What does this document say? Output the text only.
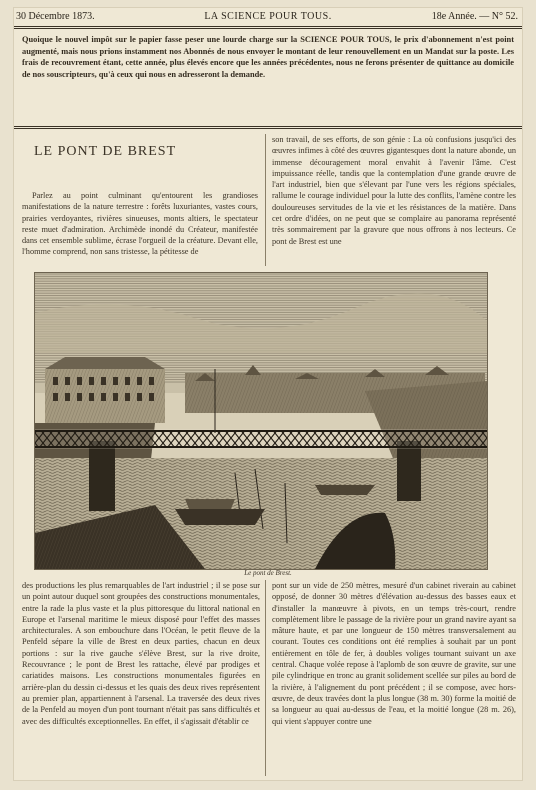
30 Décembre 1873.	LA SCIENCE POUR TOUS.	18e Année. — N° 52.
Quoique le nouvel impôt sur le papier fasse peser une lourde charge sur la SCIENCE POUR TOUS, le prix d'abonnement n'est point augmenté, mais nous prions instamment nos Abonnés de nous envoyer le montant de leur renouvellement en un Mandat sur la poste. Les frais de recouvrement étant, cette année, plus élevés encore que les années précédentes, nous ne ferons présenter de quittance au domicile de nos souscripteurs, qu'à ceux qui nous en adresseront la demande.
LE PONT DE BREST

Parlez au point culminant qu'entourent les grandioses manifestations de la nature terrestre : forêts luxuriantes, vastes cours, prairies verdoyantes, rivières sinueuses, monts altiers, le spectateur reste muet d'admiration. Archimède inondé du Créateur, manifestée dans cet ensemble sublime, écrase l'orgueil de la créature. Devant elle, l'homme comprend, non sans tristesse, la pétitesse de

son travail, de ses efforts, de son génie : La où confusions jusqu'ici des œuvres infimes à côté des œuvres gigantesques dont la nature abonde, un immense découragement moral envahit à l'avenir l'âme. C'est impuissance réelle, tandis que la contemplation d'une grande œuvre de l'art industriel, bien que s'élevant par l'une vers les régions spéciales, rallume le courage individuel pour la lutte des conflits, l'amène contre les douloureuses servitudes de la vie et les résistances de la matière. Dans cet ordre d'idées, on ne peut que se complaire au panorama représenté très sommairement par la gravure que nous offrons à nos lecteurs. Ce pont de Brest est une

Le pont de Brest.

des productions les plus remarquables de l'art industriel ; il se pose sur un point autour duquel sont groupées des constructions monumentales, entre la rade la plus vaste et la plus pittoresque du littoral national en Europe et l'arsenal maritime le mieux disposé pour l'effet des masses architecturales. A son embouchure dans l'Océan, le petit fleuve de la Penfeld sépare la ville de Brest en deux parties, chacun en deux portions : sur la rive gauche s'élève Brest, sur la rive droite, Recouvrance ; le pont de Brest les rattache, élevé par prodiges et cariatides maisons. Les constructions monumentales figurées en arrière-plan du dessin ci-dessus et les quais des deux rives représentent au premier plan, appartiennent à l'arsenal. La traversée des deux rives de la Penfeld au moyen d'un pont tournant n'était pas sans difficultés et avec des difficultés exceptionnelles. En effet, il s'agissait d'établir ce

pont sur un vide de 250 mètres, mesuré d'un cabinet riverain au cabinet opposé, de donner 30 mètres d'élévation au-dessus des basses eaux et d'installer la manœuvre à pivots, en un temps très-court, rendre complètement libre le passage de la rivière pour un grand navire ayant sa mâture haute, et par une longueur de 150 mètres transversalement au courant. Toutes ces conditions ont été remplies à souhait par un pont entièrement en tôle de fer, à doubles voliges tournant suivant un axe central. Chaque volée repose à l'aplomb de son œuvre de gravite, sur une pile cylindrique en tronc au granit solidement scellée sur piles au bord de la rivière, à l'alignement du pont précédent ; il se compose, avec hors-œuvre, de deux travées dont la plus longue (38 m. 30) forme la moitié de sa longueur au quai au-dessus de l'eau, et la moitié longue (28 m. 26), qui vient s'appuyer contre une
